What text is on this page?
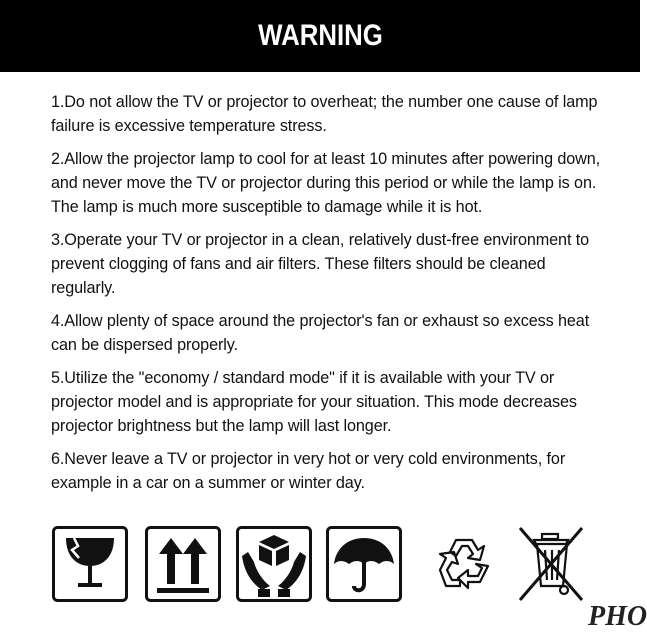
WARNING

1.Do not allow the TV or projector to overheat; the number one cause of lamp failure is excessive temperature stress.

2.Allow the projector lamp to cool for at least 10 minutes after powering down, and never move the TV or projector during this period or while the lamp is on. The lamp is much more susceptible to damage while it is hot.

3.Operate your TV or projector in a clean, relatively dust-free environment to prevent clogging of fans and air filters. These filters should be cleaned regularly.

4.Allow plenty of space around the projector's fan or exhaust so excess heat can be dispersed properly.

5.Utilize the "economy / standard mode" if it is available with your TV or projector model and is appropriate for your situation. This mode decreases projector brightness but the lamp will last longer.

6.Never leave a TV or projector in very hot or very cold environments, for example in a car on a summer or winter day.

PHO
